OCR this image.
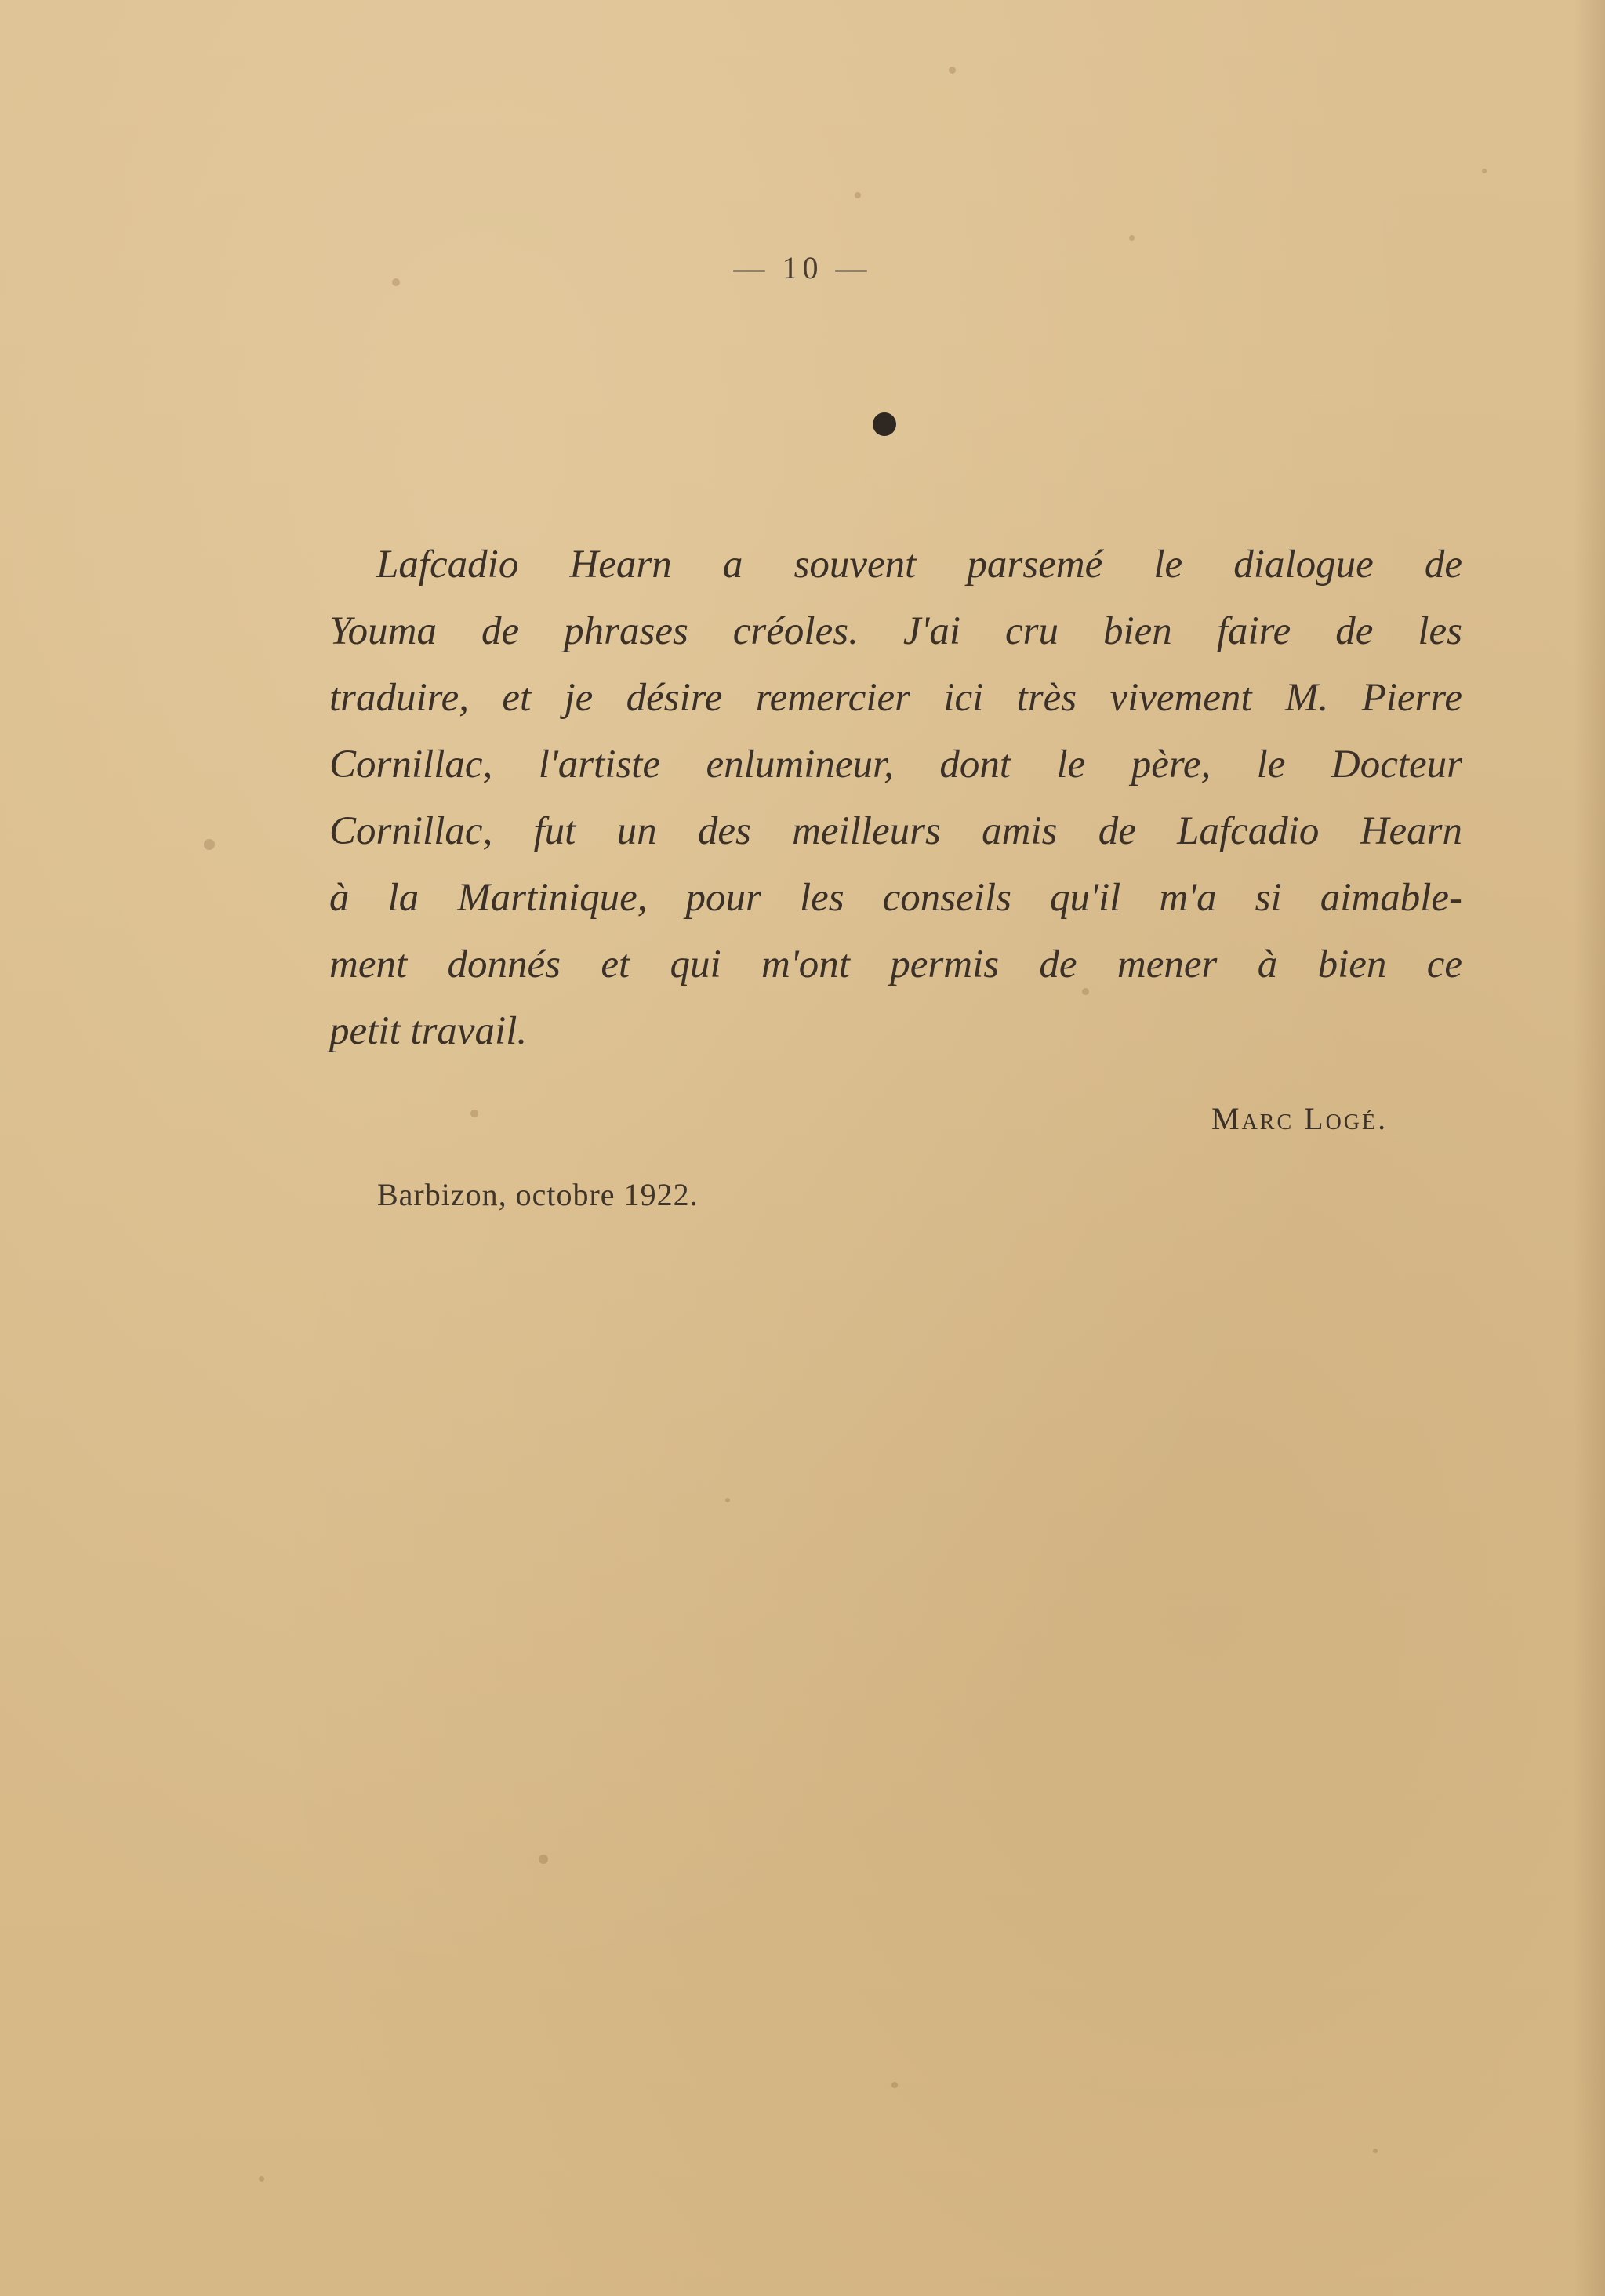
— 10 —
Lafcadio Hearn a souvent parsemé le dialogue de
Youma de phrases créoles. J'ai cru bien faire de les
traduire, et je désire remercier ici très vivement M. Pierre
Cornillac, l'artiste enlumineur, dont le père, le Docteur
Cornillac, fut un des meilleurs amis de Lafcadio Hearn
à la Martinique, pour les conseils qu'il m'a si aimable-
ment donnés et qui m'ont permis de mener à bien ce
petit travail.
Marc Logé.
Barbizon, octobre 1922.
